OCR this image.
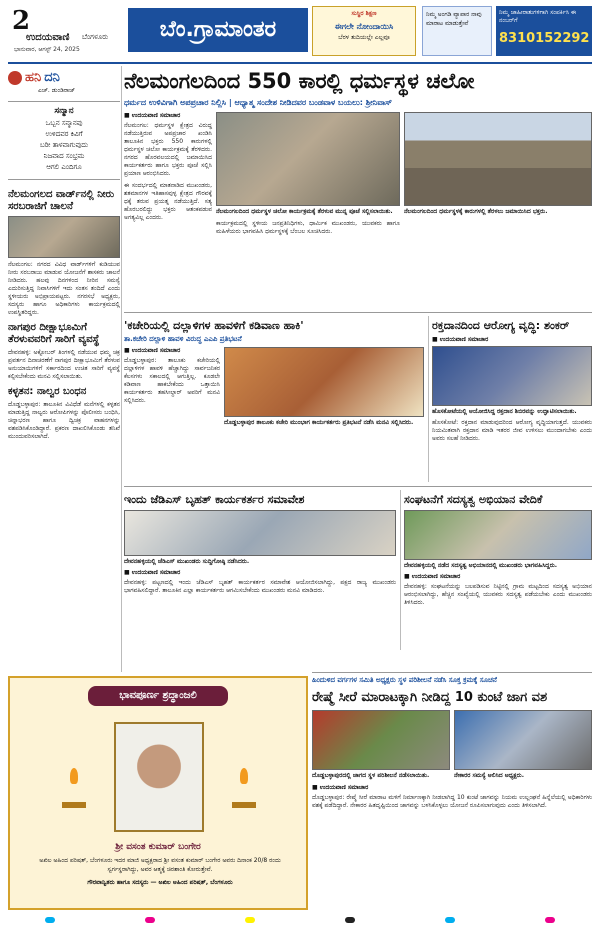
2
ಉದಯವಾಣಿ ಬೆಂಗಳೂರು
ಭಾನುವಾರ, ಆಗಸ್ಟ್ 24, 2025
ಬೆಂ.ಗ್ರಾಮಾಂತರ
ಸುಸ್ಥಿರ ಶಿಕ್ಷಣ
ಈಗಲೇ ನೋಂದಾಯಿಸಿ
ಬೆರಳ ತುದಿಯಲ್ಲೇ ಎಲ್ಲವೂ
ನಿಮ್ಮ ಅಂಗಡಿ ವ್ಯಾಪಾರ ನಾವು ಮಾರಾಟ ಮಾಡುತ್ತೇವೆ
ನಿಮ್ಮ ಜಾಹೀರಾತುಗಳಿಗಾಗಿ ಸಂಪರ್ಕಿಸಿ ಈ ನಂಬರ್‌ಗೆ
8310152292
ಹನಿ ದನಿ
ಎಚ್. ಡುಂಡಿರಾಜ್
ಸನ್ಮಾನ
ಒಬ್ಬನ ಸನ್ಮಾನವು
ಉಳಿದವರ ಕಿವಿಗೆ
ಬರೀ ತಾಳವಾಗುವುದು
ನಿಜವಾದ ಸಂಭ್ರಮ
ಆಗಲಿ ಎಂದಿಗೂ
ನೆಲಮಂಗಲದ ವಾರ್ಡ್‌ನಲ್ಲಿ ನೀರು ಸರಬರಾಜಿಗೆ ಚಾಲನೆ
ನೆಲಮಂಗಲ: ನಗರದ ವಿವಿಧ ವಾರ್ಡ್‌ಗಳಿಗೆ ಕುಡಿಯುವ ನೀರು ಸರಬರಾಜು ಮಾಡುವ ಯೋಜನೆಗೆ ಶಾಸಕರು ಚಾಲನೆ ನೀಡಿದರು. ಹಲವು ದಿನಗಳಿಂದ ನೀರಿನ ಸಮಸ್ಯೆ ಎದುರಿಸುತ್ತಿದ್ದ ನಿವಾಸಿಗಳಿಗೆ ಇದು ಸಂತಸ ತಂದಿದೆ ಎಂದು ಸ್ಥಳೀಯರು ಅಭಿಪ್ರಾಯಪಟ್ಟರು. ನಗರಸಭೆ ಅಧ್ಯಕ್ಷರು, ಸದಸ್ಯರು ಹಾಗೂ ಅಧಿಕಾರಿಗಳು ಕಾರ್ಯಕ್ರಮದಲ್ಲಿ ಉಪಸ್ಥಿತರಿದ್ದರು.
ನಾಗಪುರ ದೀಕ್ಷಾಭೂಮಿಗೆ ತೆರಳುವವರಿಗೆ ಸಾರಿಗೆ ವ್ಯವಸ್ಥೆ
ದೇವನಹಳ್ಳಿ: ಅಕ್ಟೋಬರ್ ತಿಂಗಳಲ್ಲಿ ನಡೆಯುವ ಧಮ್ಮ ಚಕ್ರ ಪ್ರವರ್ತನ ದಿನಾಚರಣೆಗೆ ನಾಗಪುರ ದೀಕ್ಷಾಭೂಮಿಗೆ ತೆರಳುವ ಅನುಯಾಯಿಗಳಿಗೆ ಸರ್ಕಾರದಿಂದ ಉಚಿತ ಸಾರಿಗೆ ವ್ಯವಸ್ಥೆ ಕಲ್ಪಿಸಬೇಕೆಂದು ಮನವಿ ಸಲ್ಲಿಸಲಾಯಿತು.
ಕಳ್ಳತನ: ನಾಲ್ವರ ಬಂಧನ
ದೊಡ್ಡಬಳ್ಳಾಪುರ: ತಾಲೂಕಿನ ವಿವಿಧೆಡೆ ಮನೆಗಳಲ್ಲಿ ಕಳ್ಳತನ ಮಾಡುತ್ತಿದ್ದ ನಾಲ್ವರು ಆರೋಪಿಗಳನ್ನು ಪೊಲೀಸರು ಬಂಧಿಸಿ, ಚಿನ್ನಾಭರಣ ಹಾಗೂ ದ್ವಿಚಕ್ರ ವಾಹನಗಳನ್ನು ವಶಪಡಿಸಿಕೊಂಡಿದ್ದಾರೆ. ಪ್ರಕರಣ ದಾಖಲಿಸಿಕೊಂಡು ತನಿಖೆ ಮುಂದುವರಿಸಲಾಗಿದೆ.
ಭಾವಪೂರ್ಣ ಶ್ರದ್ಧಾಂಜಲಿ
ಶ್ರೀ ವಸಂತ ಕುಮಾರ್ ಬಂಗೇರ
ಅಖಿಲ ಅಹಿಂದ ಪರಿಷತ್, ಬೆಂಗಳೂರು ಇದರ ಮಾಜಿ ಅಧ್ಯಕ್ಷರಾದ ಶ್ರೀ ವಸಂತ ಕುಮಾರ್ ಬಂಗೇರ ಅವರು ದಿನಾಂಕ 20/8 ರಂದು ಸ್ವರ್ಗಸ್ಥರಾಗಿದ್ದು, ಅವರ ಆತ್ಮಕ್ಕೆ ಚಿರಶಾಂತಿ ಕೋರುತ್ತೇವೆ.
ಗೌರವಾನ್ವಿತರು ಹಾಗೂ ಸದಸ್ಯರು — ಅಖಿಲ ಅಹಿಂದ ಪರಿಷತ್, ಬೆಂಗಳೂರು
ನೆಲಮಂಗಲದಿಂದ 550 ಕಾರಲ್ಲಿ ಧರ್ಮಸ್ಥಳ ಚಲೋ
ಧರ್ಮದ ಉಳಿವಿಗಾಗಿ ಅಪಪ್ರಚಾರ ನಿಲ್ಲಿಸಿ | ಆಧ್ಯಾತ್ಮ ಸಂದೇಶ ನೀಡಿದವರ ಬಂಡವಾಳ ಬಯಲು: ಶ್ರೀನಿವಾಸ್
■ ಉದಯವಾಣಿ ಸಮಾಚಾರ
ನೆಲಮಂಗಲ: ಧರ್ಮಸ್ಥಳ ಕ್ಷೇತ್ರದ ವಿರುದ್ಧ ನಡೆಯುತ್ತಿರುವ ಅಪಪ್ರಚಾರ ಖಂಡಿಸಿ ತಾಲೂಕಿನ ಭಕ್ತರು 550 ಕಾರುಗಳಲ್ಲಿ ಧರ್ಮಸ್ಥಳ ಚಲೋ ಕಾರ್ಯಕ್ರಮಕ್ಕೆ ತೆರಳಿದರು. ನಗರದ ಹೊರವಲಯದಲ್ಲಿ ಜಮಾಯಿಸಿದ ಕಾರ್ಯಕರ್ತರು ಹಾಗೂ ಭಕ್ತರು ಪೂಜೆ ಸಲ್ಲಿಸಿ ಪ್ರಯಾಣ ಆರಂಭಿಸಿದರು.
ಈ ಸಂದರ್ಭದಲ್ಲಿ ಮಾತನಾಡಿದ ಮುಖಂಡರು, ಶತಮಾನಗಳ ಇತಿಹಾಸವುಳ್ಳ ಕ್ಷೇತ್ರದ ಗೌರವಕ್ಕೆ ಧಕ್ಕೆ ತರುವ ಪ್ರಯತ್ನ ನಡೆಯುತ್ತಿದೆ. ಸತ್ಯ ಹೊರಬರಲಿದ್ದು ಭಕ್ತರು ಆತಂಕಪಡುವ ಅಗತ್ಯವಿಲ್ಲ ಎಂದರು.
ನೆಲಮಂಗಲದಿಂದ ಧರ್ಮಸ್ಥಳ ಚಲೋ ಕಾರ್ಯಕ್ರಮಕ್ಕೆ ತೆರಳುವ ಮುನ್ನ ಪೂಜೆ ಸಲ್ಲಿಸಲಾಯಿತು.
ಕಾರ್ಯಕ್ರಮದಲ್ಲಿ ಸ್ಥಳೀಯ ಜನಪ್ರತಿನಿಧಿಗಳು, ಧಾರ್ಮಿಕ ಮುಖಂಡರು, ಯುವಕರು ಹಾಗೂ ಮಹಿಳೆಯರು ಭಾಗವಹಿಸಿ ಧರ್ಮಸ್ಥಳಕ್ಕೆ ಬೆಂಬಲ ಸೂಚಿಸಿದರು.
ನೆಲಮಂಗಲದಿಂದ ಧರ್ಮಸ್ಥಳಕ್ಕೆ ಕಾರುಗಳಲ್ಲಿ ತೆರಳಲು ಜಮಾಯಿಸಿದ ಭಕ್ತರು.
'ಕಚೇರಿಯಲ್ಲಿ ದಲ್ಲಾಳಿಗಳ ಹಾವಳಿಗೆ ಕಡಿವಾಣ ಹಾಕಿ'
ತಾ.ಕಚೇರಿ ದಲ್ಲಾಳಿ ಹಾವಳಿ ವಿರುದ್ಧ ಎಎಪಿ ಪ್ರತಿಭಟನೆ
■ ಉದಯವಾಣಿ ಸಮಾಚಾರ
ದೊಡ್ಡಬಳ್ಳಾಪುರ: ತಾಲೂಕು ಕಚೇರಿಯಲ್ಲಿ ದಲ್ಲಾಳಿಗಳ ಹಾವಳಿ ಹೆಚ್ಚಾಗಿದ್ದು ಸಾರ್ವಜನಿಕರ ಕೆಲಸಗಳು ಸಕಾಲದಲ್ಲಿ ಆಗುತ್ತಿಲ್ಲ. ಕೂಡಲೇ ಕಡಿವಾಣ ಹಾಕಬೇಕೆಂದು ಒತ್ತಾಯಿಸಿ ಕಾರ್ಯಕರ್ತರು ತಹಸೀಲ್ದಾರ್ ಅವರಿಗೆ ಮನವಿ ಸಲ್ಲಿಸಿದರು.
ದೊಡ್ಡಬಳ್ಳಾಪುರ ತಾಲೂಕು ಕಚೇರಿ ಮುಂಭಾಗ ಕಾರ್ಯಕರ್ತರು ಪ್ರತಿಭಟನೆ ನಡೆಸಿ ಮನವಿ ಸಲ್ಲಿಸಿದರು.
ರಕ್ತದಾನದಿಂದ ಆರೋಗ್ಯ ವೃದ್ಧಿ: ಶಂಕರ್
■ ಉದಯವಾಣಿ ಸಮಾಚಾರ
ಹೊಸಕೋಟೆಯಲ್ಲಿ ಆಯೋಜಿಸಿದ್ದ ರಕ್ತದಾನ ಶಿಬಿರವನ್ನು ಉದ್ಘಾಟಿಸಲಾಯಿತು.
ಹೊಸಕೋಟೆ: ರಕ್ತದಾನ ಮಾಡುವುದರಿಂದ ಆರೋಗ್ಯ ವೃದ್ಧಿಯಾಗುತ್ತದೆ. ಯುವಕರು ನಿಯಮಿತವಾಗಿ ರಕ್ತದಾನ ಮಾಡಿ ಇತರರ ಜೀವ ಉಳಿಸಲು ಮುಂದಾಗಬೇಕು ಎಂದು ಅವರು ಸಲಹೆ ನೀಡಿದರು.
ಇಂದು ಜೆಡಿಎಸ್ ಬೃಹತ್ ಕಾರ್ಯಕರ್ತರ ಸಮಾವೇಶ
ದೇವನಹಳ್ಳಿಯಲ್ಲಿ ಜೆಡಿಎಸ್ ಮುಖಂಡರು ಸುದ್ದಿಗೋಷ್ಠಿ ನಡೆಸಿದರು.
■ ಉದಯವಾಣಿ ಸಮಾಚಾರ
ದೇವನಹಳ್ಳಿ: ಪಟ್ಟಣದಲ್ಲಿ ಇಂದು ಜೆಡಿಎಸ್ ಬೃಹತ್ ಕಾರ್ಯಕರ್ತರ ಸಮಾವೇಶ ಆಯೋಜಿಸಲಾಗಿದ್ದು, ಪಕ್ಷದ ರಾಜ್ಯ ಮುಖಂಡರು ಭಾಗವಹಿಸಲಿದ್ದಾರೆ. ತಾಲೂಕಿನ ಎಲ್ಲಾ ಕಾರ್ಯಕರ್ತರು ಆಗಮಿಸಬೇಕೆಂದು ಮುಖಂಡರು ಮನವಿ ಮಾಡಿದರು.
ಸಂಘಟನೆಗೆ ಸದಸ್ಯತ್ವ ಅಭಿಯಾನ ವೇದಿಕೆ
ದೇವನಹಳ್ಳಿಯಲ್ಲಿ ನಡೆದ ಸದಸ್ಯತ್ವ ಅಭಿಯಾನದಲ್ಲಿ ಮುಖಂಡರು ಭಾಗವಹಿಸಿದ್ದರು.
■ ಉದಯವಾಣಿ ಸಮಾಚಾರ
ದೇವನಹಳ್ಳಿ: ಸಂಘಟನೆಯನ್ನು ಬಲಪಡಿಸುವ ನಿಟ್ಟಿನಲ್ಲಿ ಗ್ರಾಮ ಮಟ್ಟದಿಂದ ಸದಸ್ಯತ್ವ ಅಭಿಯಾನ ಆರಂಭಿಸಲಾಗಿದ್ದು, ಹೆಚ್ಚಿನ ಸಂಖ್ಯೆಯಲ್ಲಿ ಯುವಕರು ಸದಸ್ಯತ್ವ ಪಡೆಯಬೇಕು ಎಂದು ಮುಖಂಡರು ತಿಳಿಸಿದರು.
ಹಿಂದುಳಿದ ವರ್ಗಗಳ ಸಮಿತಿ ಅಧ್ಯಕ್ಷರು ಸ್ಥಳ ಪರಿಶೀಲನೆ ನಡೆಸಿ ಸೂಕ್ತ ಕ್ರಮಕ್ಕೆ ಸೂಚನೆ
ರೇಷ್ಮೆ ಸೀರೆ ಮಾರಾಟಕ್ಕಾಗಿ ನೀಡಿದ್ದ 10 ಕುಂಟೆ ಜಾಗ ವಶ
ದೊಡ್ಡಬಳ್ಳಾಪುರದಲ್ಲಿ ಜಾಗದ ಸ್ಥಳ ಪರಿಶೀಲನೆ ನಡೆಸಲಾಯಿತು.	ನೇಕಾರರ ಸಮಸ್ಯೆ ಆಲಿಸಿದ ಅಧ್ಯಕ್ಷರು.
■ ಉದಯವಾಣಿ ಸಮಾಚಾರ
ದೊಡ್ಡಬಳ್ಳಾಪುರ: ರೇಷ್ಮೆ ಸೀರೆ ಮಾರಾಟ ಮಳಿಗೆ ನಿರ್ಮಾಣಕ್ಕಾಗಿ ನೀಡಲಾಗಿದ್ದ 10 ಕುಂಟೆ ಜಾಗವನ್ನು ನಿಯಮ ಉಲ್ಲಂಘನೆ ಹಿನ್ನೆಲೆಯಲ್ಲಿ ಅಧಿಕಾರಿಗಳು ವಶಕ್ಕೆ ಪಡೆದಿದ್ದಾರೆ. ನೇಕಾರರ ಹಿತದೃಷ್ಟಿಯಿಂದ ಜಾಗವನ್ನು ಬಳಸಿಕೊಳ್ಳಲು ಯೋಜನೆ ರೂಪಿಸಲಾಗುವುದು ಎಂದು ತಿಳಿಸಲಾಗಿದೆ.
